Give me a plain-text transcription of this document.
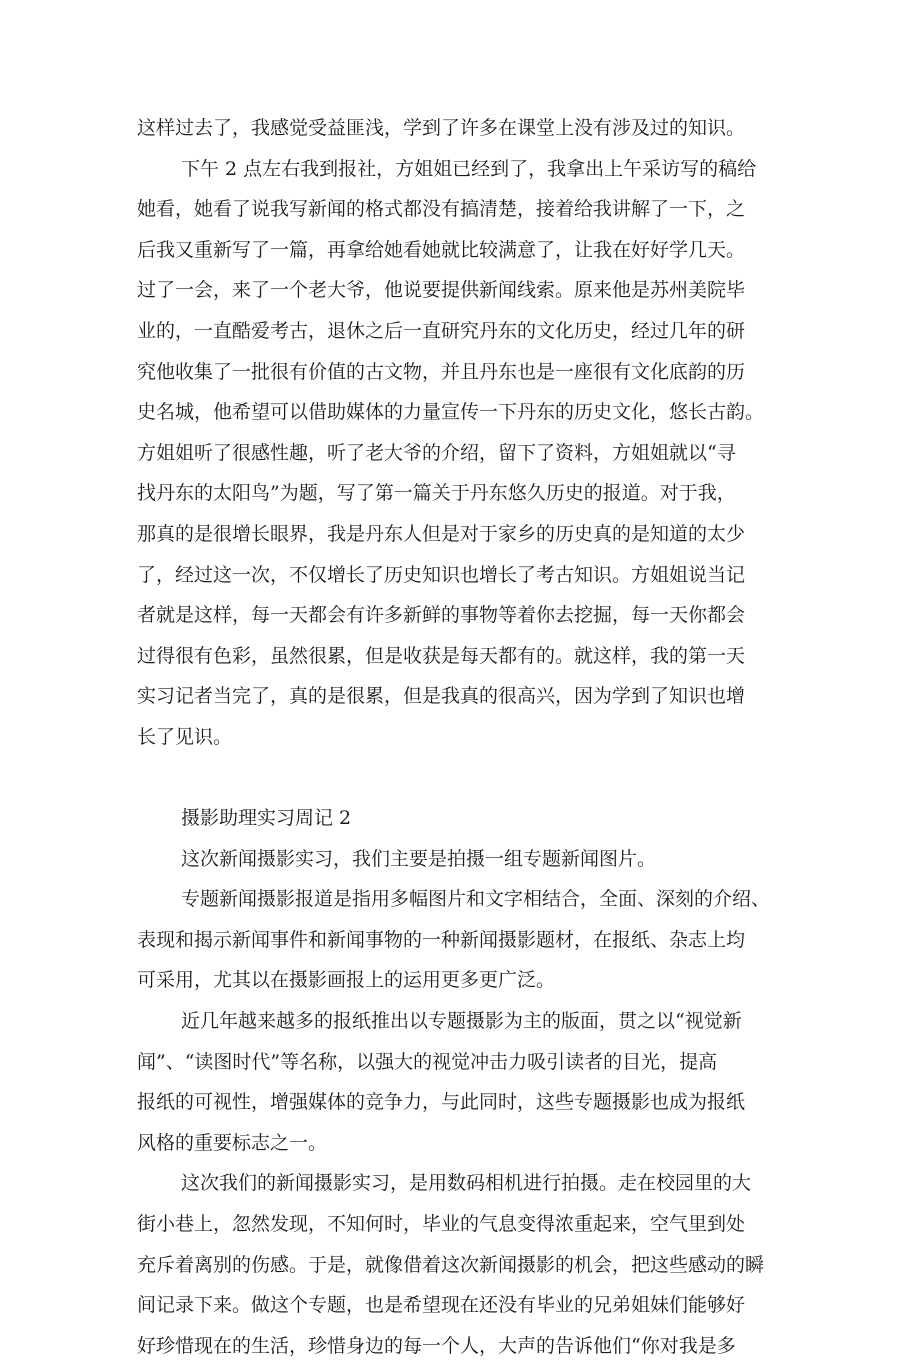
这样过去了，我感觉受益匪浅，学到了许多在课堂上没有涉及过的知识。
下午 2 点左右我到报社，方姐姐已经到了，我拿出上午采访写的稿给
她看，她看了说我写新闻的格式都没有搞清楚，接着给我讲解了一下，之
后我又重新写了一篇，再拿给她看她就比较满意了，让我在好好学几天。
过了一会，来了一个老大爷，他说要提供新闻线索。原来他是苏州美院毕
业的，一直酷爱考古，退休之后一直研究丹东的文化历史，经过几年的研
究他收集了一批很有价值的古文物，并且丹东也是一座很有文化底韵的历
史名城，他希望可以借助媒体的力量宣传一下丹东的历史文化，悠长古韵。
方姐姐听了很感性趣，听了老大爷的介绍，留下了资料，方姐姐就以“寻
找丹东的太阳鸟”为题，写了第一篇关于丹东悠久历史的报道。对于我，
那真的是很增长眼界，我是丹东人但是对于家乡的历史真的是知道的太少
了，经过这一次，不仅增长了历史知识也增长了考古知识。方姐姐说当记
者就是这样，每一天都会有许多新鲜的事物等着你去挖掘，每一天你都会
过得很有色彩，虽然很累，但是收获是每天都有的。就这样，我的第一天
实习记者当完了，真的是很累，但是我真的很高兴，因为学到了知识也增
长了见识。
摄影助理实习周记 2
这次新闻摄影实习，我们主要是拍摄一组专题新闻图片。
专题新闻摄影报道是指用多幅图片和文字相结合，全面、深刻的介绍、
表现和揭示新闻事件和新闻事物的一种新闻摄影题材，在报纸、杂志上均
可采用，尤其以在摄影画报上的运用更多更广泛。
近几年越来越多的报纸推出以专题摄影为主的版面，贯之以“视觉新
闻”、“读图时代”等名称，以强大的视觉冲击力吸引读者的目光，提高
报纸的可视性，增强媒体的竞争力，与此同时，这些专题摄影也成为报纸
风格的重要标志之一。
这次我们的新闻摄影实习，是用数码相机进行拍摄。走在校园里的大
街小巷上，忽然发现，不知何时，毕业的气息变得浓重起来，空气里到处
充斥着离别的伤感。于是，就像借着这次新闻摄影的机会，把这些感动的瞬
间记录下来。做这个专题，也是希望现在还没有毕业的兄弟姐妹们能够好
好珍惜现在的生活，珍惜身边的每一个人，大声的告诉他们“你对我是多
